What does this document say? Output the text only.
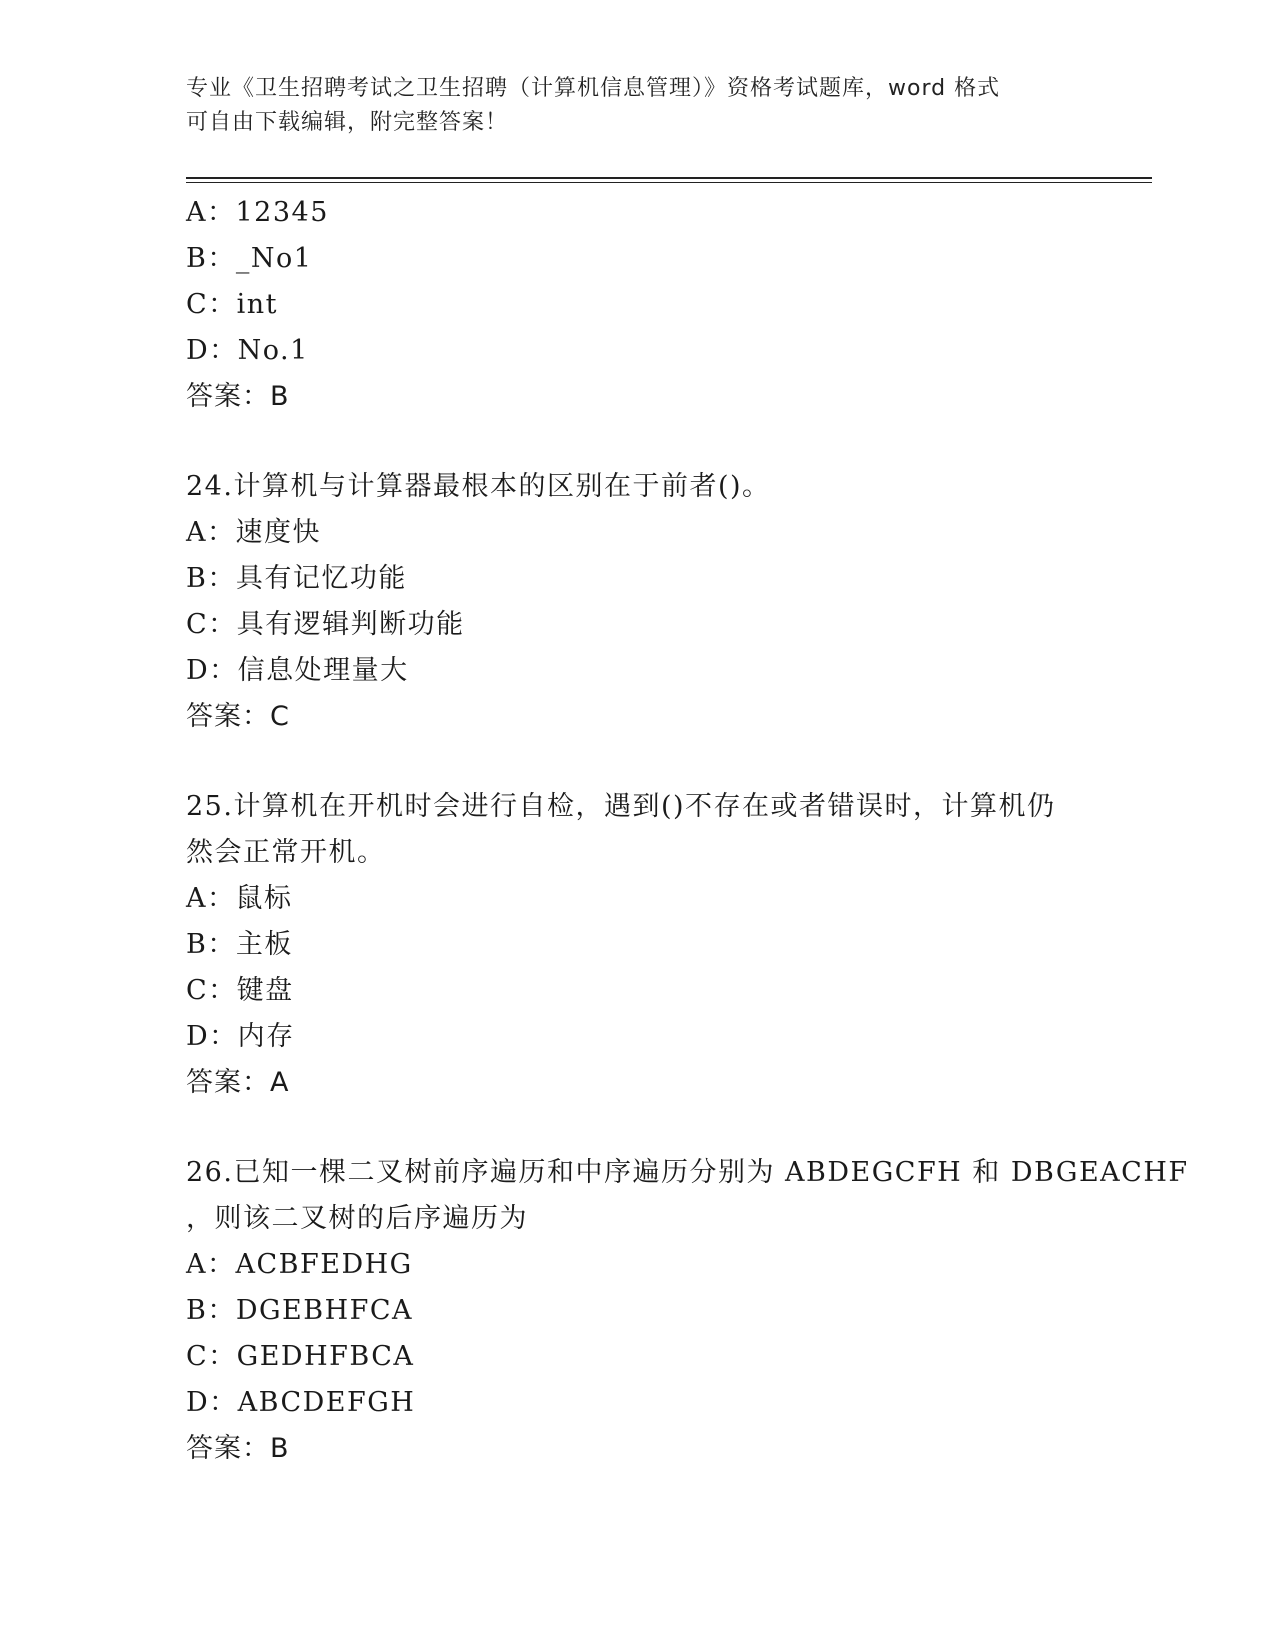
专业《卫生招聘考试之卫生招聘（计算机信息管理）》资格考试题库，word 格式
可自由下载编辑，附完整答案！
A：12345
B：_No1
C：int
D：No.1
答案：B
24.计算机与计算器最根本的区别在于前者()。
A：速度快
B：具有记忆功能
C：具有逻辑判断功能
D：信息处理量大
答案：C
25.计算机在开机时会进行自检，遇到()不存在或者错误时，计算机仍
然会正常开机。
A：鼠标
B：主板
C：键盘
D：内存
答案：A
26.已知一棵二叉树前序遍历和中序遍历分别为 ABDEGCFH 和 DBGEACHF
，则该二叉树的后序遍历为
A：ACBFEDHG
B：DGEBHFCA
C：GEDHFBCA
D：ABCDEFGH
答案：B
